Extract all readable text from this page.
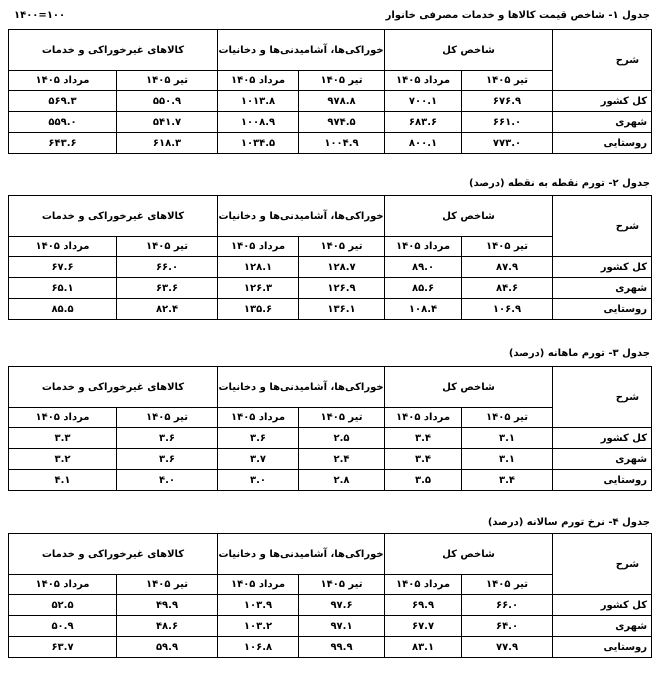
۱۰۰=۱۴۰۰	جدول ۱- شاخص قیمت کالاها و خدمات مصرفی خانوار
شرح	شاخص کل		خوراکی‌ها، آشامیدنی‌ها و دخانیات		کالاهای غیرخوراکی و خدمات	
	تیر ۱۴۰۵	مرداد ۱۴۰۵	تیر ۱۴۰۵	مرداد ۱۴۰۵	تیر ۱۴۰۵	مرداد ۱۴۰۵
کل کشور	۶۷۶.۹	۷۰۰.۱	۹۷۸.۸	۱۰۱۳.۸	۵۵۰.۹	۵۶۹.۳
شهری	۶۶۱.۰	۶۸۳.۶	۹۷۴.۵	۱۰۰۸.۹	۵۴۱.۷	۵۵۹.۰
روستایی	۷۷۳.۰	۸۰۰.۱	۱۰۰۴.۹	۱۰۳۴.۵	۶۱۸.۳	۶۴۳.۶
جدول ۲- تورم نقطه به نقطه (درصد)
شرح	شاخص کل		خوراکی‌ها، آشامیدنی‌ها و دخانیات		کالاهای غیرخوراکی و خدمات	
	تیر ۱۴۰۵	مرداد ۱۴۰۵	تیر ۱۴۰۵	مرداد ۱۴۰۵	تیر ۱۴۰۵	مرداد ۱۴۰۵
کل کشور	۸۷.۹	۸۹.۰	۱۲۸.۷	۱۲۸.۱	۶۶.۰	۶۷.۶
شهری	۸۴.۶	۸۵.۶	۱۲۶.۹	۱۲۶.۳	۶۳.۶	۶۵.۱
روستایی	۱۰۶.۹	۱۰۸.۴	۱۳۶.۱	۱۳۵.۶	۸۲.۴	۸۵.۵
جدول ۳- تورم ماهانه (درصد)
شرح	شاخص کل		خوراکی‌ها، آشامیدنی‌ها و دخانیات		کالاهای غیرخوراکی و خدمات	
	تیر ۱۴۰۵	مرداد ۱۴۰۵	تیر ۱۴۰۵	مرداد ۱۴۰۵	تیر ۱۴۰۵	مرداد ۱۴۰۵
کل کشور	۳.۱	۳.۴	۲.۵	۳.۶	۳.۶	۳.۳
شهری	۳.۱	۳.۴	۲.۴	۳.۷	۳.۶	۳.۲
روستایی	۳.۴	۳.۵	۲.۸	۳.۰	۴.۰	۴.۱
جدول ۴- نرخ تورم سالانه (درصد)
شرح	شاخص کل		خوراکی‌ها، آشامیدنی‌ها و دخانیات		کالاهای غیرخوراکی و خدمات	
	تیر ۱۴۰۵	مرداد ۱۴۰۵	تیر ۱۴۰۵	مرداد ۱۴۰۵	تیر ۱۴۰۵	مرداد ۱۴۰۵
کل کشور	۶۶.۰	۶۹.۹	۹۷.۶	۱۰۳.۹	۴۹.۹	۵۲.۵
شهری	۶۴.۰	۶۷.۷	۹۷.۱	۱۰۳.۲	۴۸.۶	۵۰.۹
روستایی	۷۷.۹	۸۳.۱	۹۹.۹	۱۰۶.۸	۵۹.۹	۶۳.۷
